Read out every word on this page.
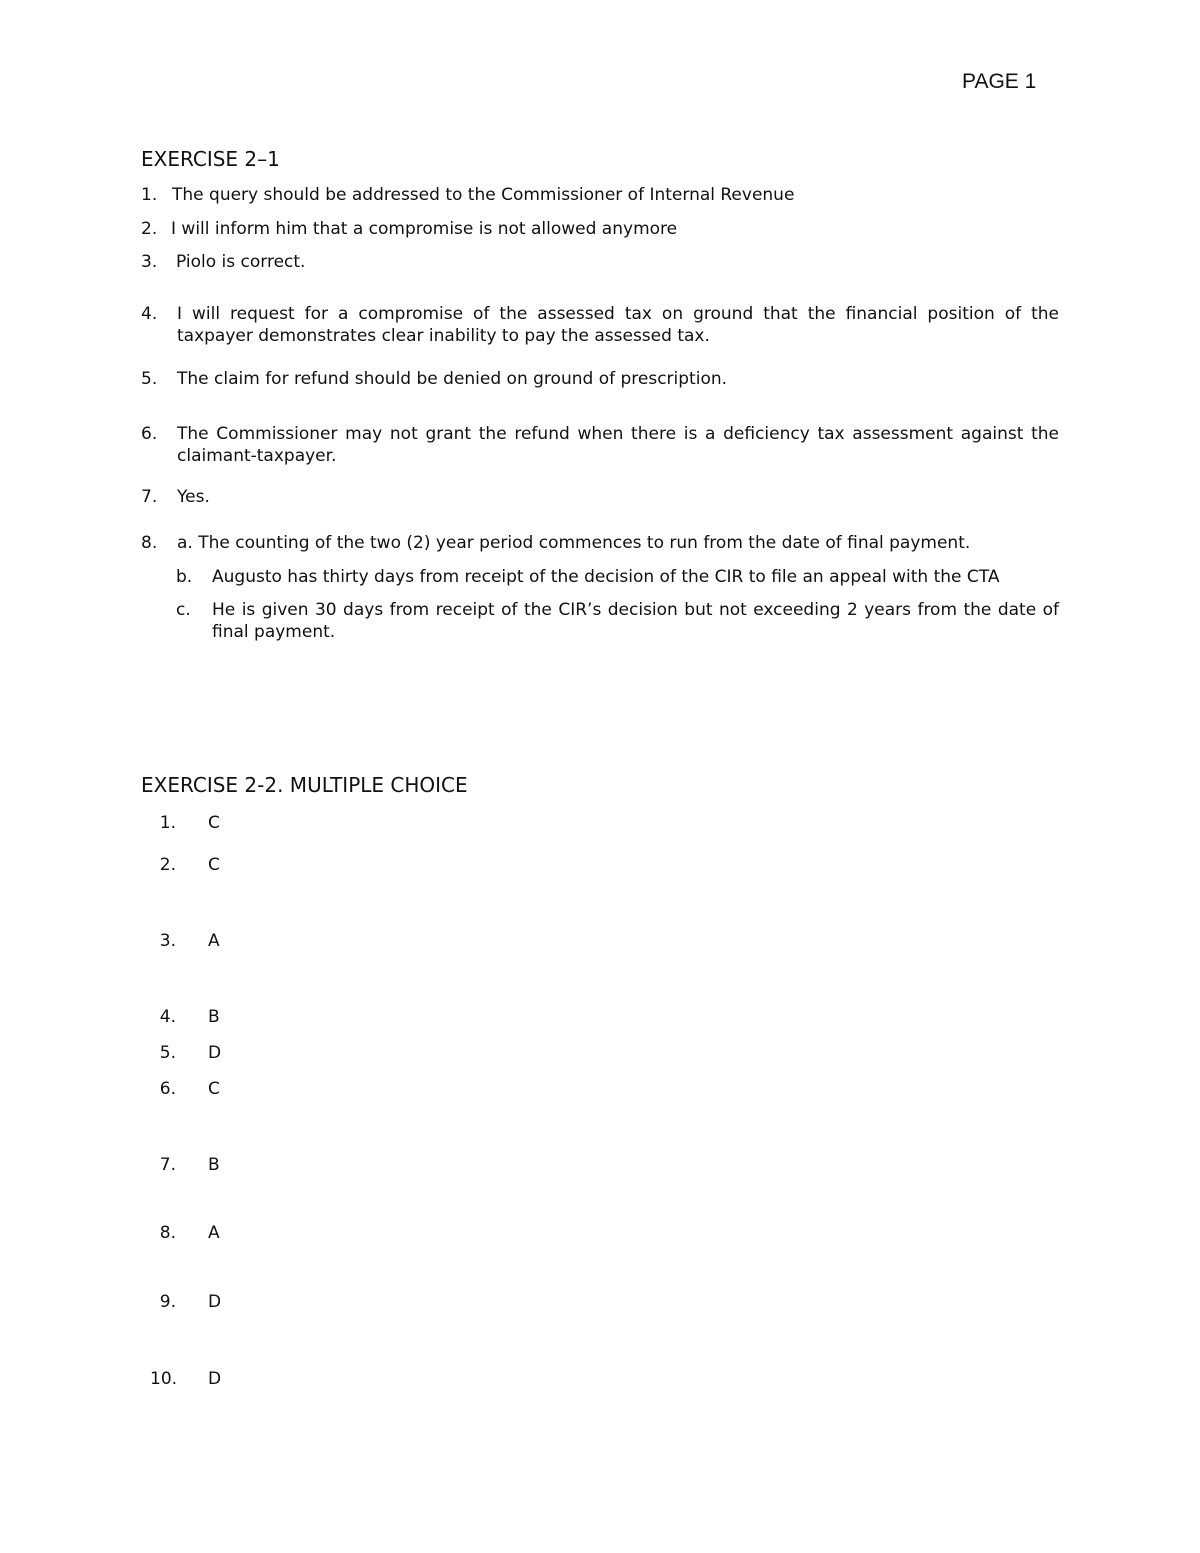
PAGE 1
EXERCISE 2–1
1. The query should be addressed to the Commissioner of Internal Revenue
2. I will inform him that a compromise is not allowed anymore
3. Piolo is correct.
4. I will request for a compromise of the assessed tax on ground that the financial position of the taxpayer demonstrates clear inability to pay the assessed tax.
5. The claim for refund should be denied on ground of prescription.
6. The Commissioner may not grant the refund when there is a deficiency tax assessment against the claimant-taxpayer.
7. Yes.
8. a. The counting of the two (2) year period commences to run from the date of final payment.
b. Augusto has thirty days from receipt of the decision of the CIR to file an appeal with the CTA
c. He is given 30 days from receipt of the CIR’s decision but not exceeding 2 years from the date of final payment.
EXERCISE 2-2. MULTIPLE CHOICE
1. C
2. C
3. A
4. B
5. D
6. C
7. B
8. A
9. D
10. D
